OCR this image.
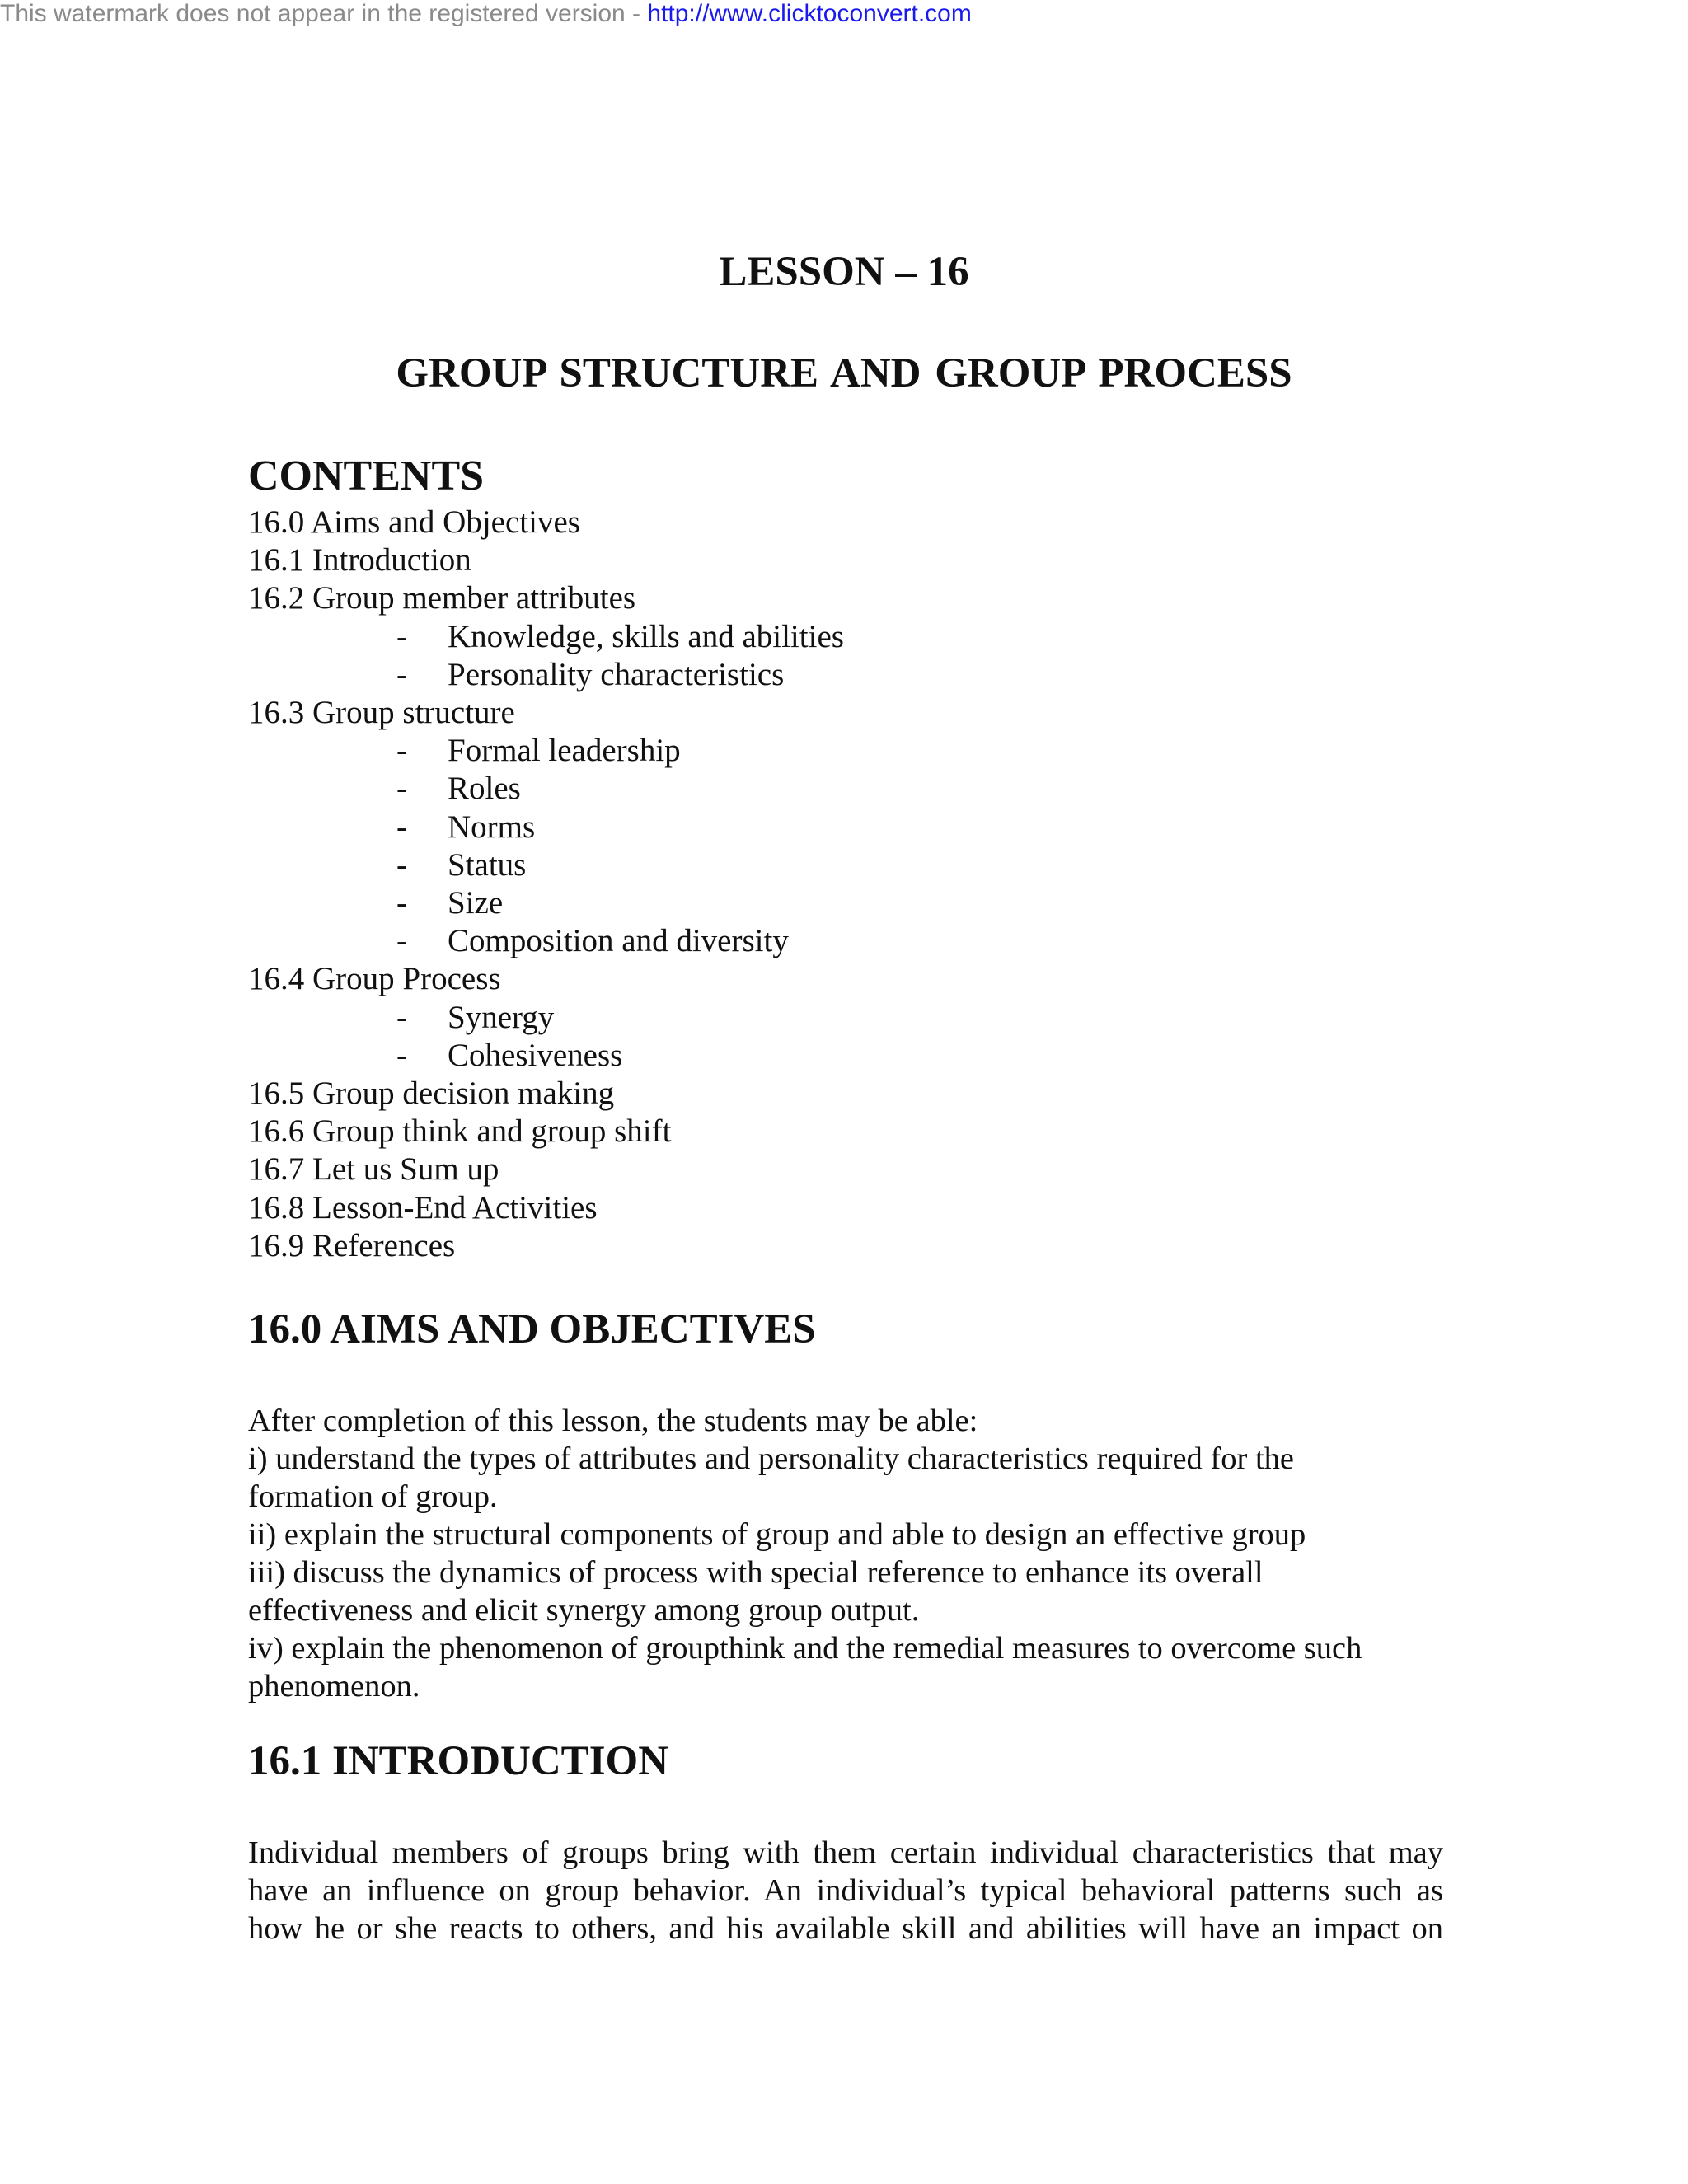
This watermark does not appear in the registered version - http://www.clicktoconvert.com
LESSON – 16
GROUP STRUCTURE AND GROUP PROCESS
CONTENTS
16.0 Aims and Objectives
16.1 Introduction
16.2 Group member attributes
- Knowledge, skills and abilities
- Personality characteristics
16.3 Group structure
- Formal leadership
- Roles
- Norms
- Status
- Size
- Composition and diversity
16.4 Group Process
- Synergy
- Cohesiveness
16.5 Group decision making
16.6 Group think and group shift
16.7 Let us Sum up
16.8 Lesson-End Activities
16.9 References
16.0 AIMS AND OBJECTIVES
After completion of this lesson, the students may be able:
i) understand the types of attributes and personality characteristics required for the
formation of group.
ii) explain the structural components of group and able to design an effective group
iii) discuss the dynamics of process with special reference to enhance its overall
effectiveness and elicit synergy among group output.
iv) explain the phenomenon of groupthink and the remedial measures to overcome such
phenomenon.
16.1 INTRODUCTION
Individual members of groups bring with them certain individual characteristics that may
have an influence on group behavior. An individual’s typical behavioral patterns such as
how he or she reacts to others, and his available skill and abilities will have an impact on
